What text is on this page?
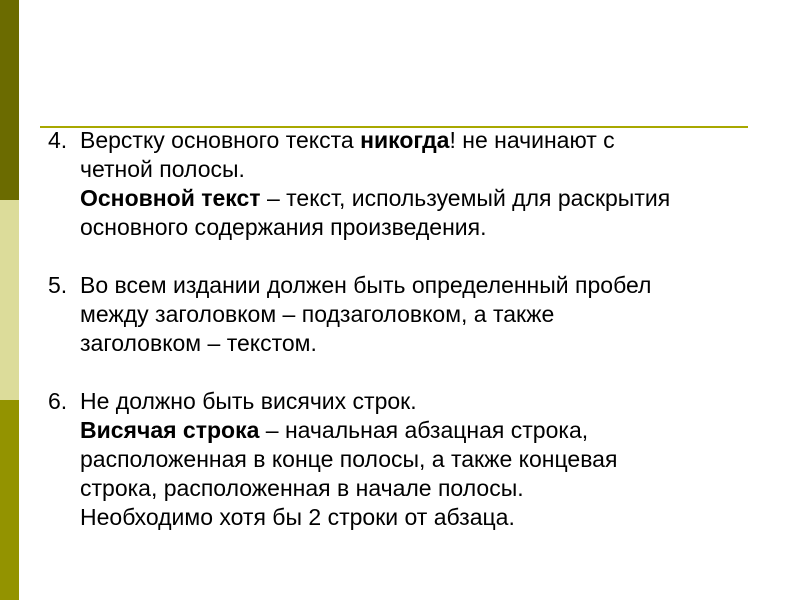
4. Верстку основного текста никогда! не начинают с
четной полосы.
Основной текст – текст, используемый для раскрытия
основного содержания произведения.
5. Во всем издании должен быть определенный пробел
между заголовком – подзаголовком, а также
заголовком – текстом.
6. Не должно быть висячих строк.
Висячая строка – начальная абзацная строка,
расположенная в конце полосы, а также концевая
строка, расположенная в начале полосы.
Необходимо хотя бы 2 строки от абзаца.
